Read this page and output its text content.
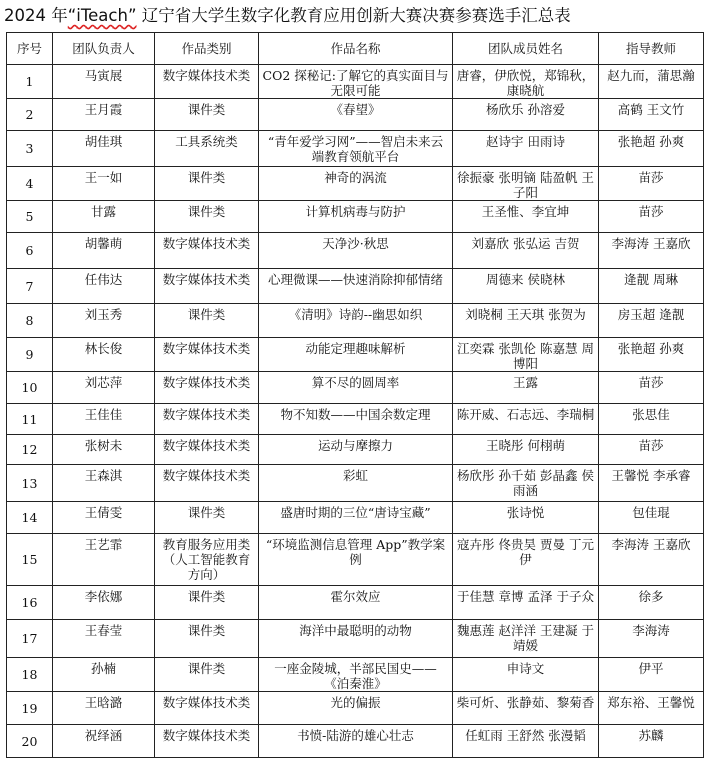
2024 年“iTeach” 辽宁省大学生数字化教育应用创新大赛决赛参赛选手汇总表
序号	团队负责人	作品类别	作品名称	团队成员姓名	指导教师
1	马寅展	数字媒体技术类	CO2 探秘记:了解它的真实面目与无限可能	唐睿，伊欣悦，郑锦秋，康晓航	赵九而，蒲思瀚
2	王月霞	课件类	《春望》	杨欣乐 孙溶爱	高鹤 王文竹
3	胡佳琪	工具系统类	“青年爱学习网”——智启未来云端教育领航平台	赵诗宇 田雨诗	张艳超 孙爽
4	王一如	课件类	神奇的涡流	徐振豪 张明镝 陆盈帆 王子阳	苗莎
5	甘露	课件类	计算机病毒与防护	王圣惟、李宜坤	苗莎
6	胡馨萌	数字媒体技术类	天净沙·秋思	刘嘉欣 张弘运 吉贺	李海涛 王嘉欣
7	任伟达	数字媒体技术类	心理微课——快速消除抑郁情绪	周德来 侯晓林	逄靓 周琳
8	刘玉秀	课件类	《清明》诗韵--幽思如织	刘晓桐 王天琪 张贺为	房玉超 逄靓
9	林长俊	数字媒体技术类	动能定理趣味解析	江奕霖 张凯伦 陈嘉慧 周博阳	张艳超 孙爽
10	刘芯萍	数字媒体技术类	算不尽的圆周率	王露	苗莎
11	王佳佳	数字媒体技术类	物不知数——中国余数定理	陈开威、石志远、李瑞桐	张思佳
12	张树未	数字媒体技术类	运动与摩擦力	王晓彤 何栩萌	苗莎
13	王森淇	数字媒体技术类	彩虹	杨欣彤 孙千茹 彭晶鑫 侯雨涵	王馨悦 李承睿
14	王倩雯	课件类	盛唐时期的三位“唐诗宝藏”	张诗悦	包佳琨
15	王艺霏	教育服务应用类（人工智能教育方向）	“环境监测信息管理 App”教学案例	寇卉彤 佟贵昊 贾曼 丁元伊	李海涛 王嘉欣
16	李依娜	课件类	霍尔效应	于佳慧 章博 孟泽 于子众	徐多
17	王春莹	课件类	海洋中最聪明的动物	魏惠莲 赵洋洋 王建凝 于靖媛	李海涛
18	孙楠	课件类	一座金陵城，半部民国史——《泊秦淮》	申诗文	伊平
19	王晗潞	数字媒体技术类	光的偏振	柴可炘、张静茹、黎菊香	郑东裕、王馨悦
20	祝绎涵	数字媒体技术类	书愤-陆游的雄心壮志	任虹雨 王舒然 张漫韬	苏麟
